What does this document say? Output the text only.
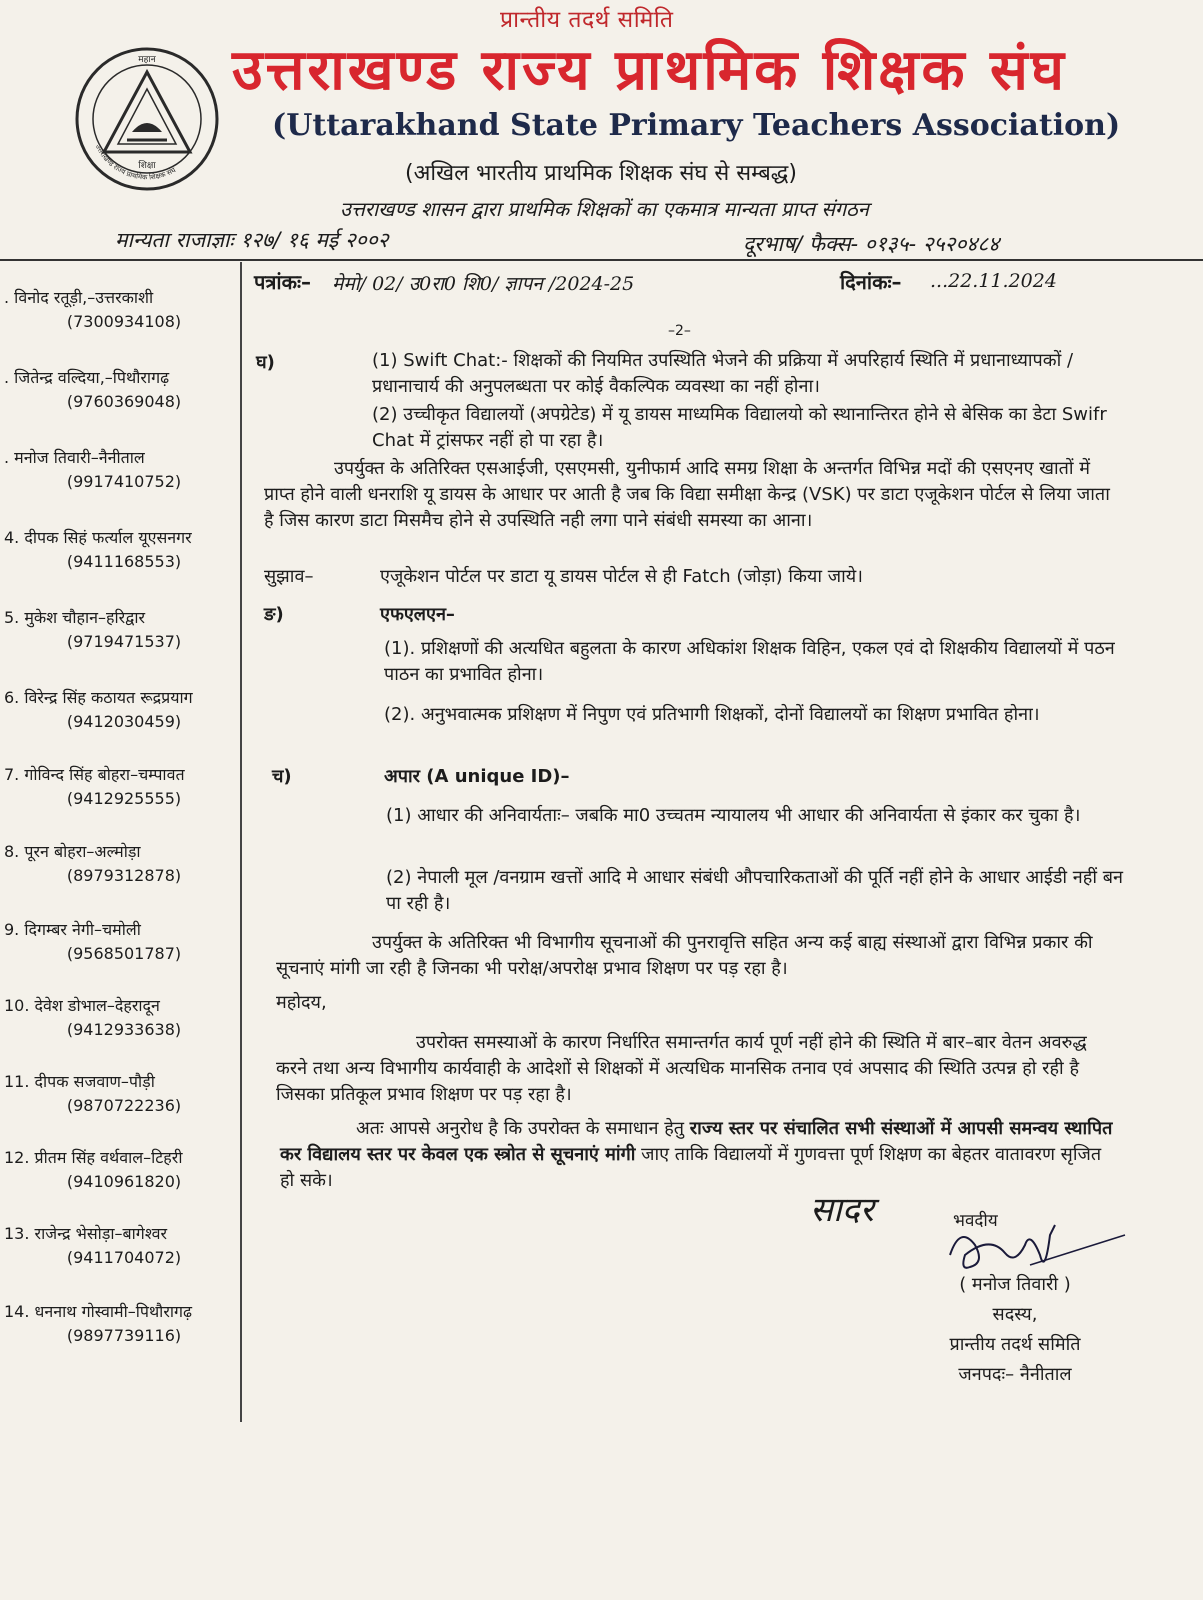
प्रान्तीय तदर्थ समिति
उत्तराखण्ड राज्य प्राथमिक शिक्षक संघ
(Uttarakhand State Primary Teachers Association)
(अखिल भारतीय प्राथमिक शिक्षक संघ से सम्बद्ध)
उत्तराखण्ड शासन द्वारा प्राथमिक शिक्षकों का एकमात्र मान्यता प्राप्त संगठन
मान्यता राजाज्ञाः १२७/ १६ मई २००२	दूरभाष/ फैक्स- ०१३५- २५२०४८४
महान
शिक्षा
उत्तराखण्ड राज्य प्राथमिक शिक्षक संघ
. विनोद रतूड़ी,–उत्तरकाशी
(7300934108)
. जितेन्द्र वल्दिया,–पिथौरागढ़
(9760369048)
. मनोज तिवारी–नैनीताल
(9917410752)
4. दीपक सिहं फर्त्याल यूएसनगर
(9411168553)
5. मुकेश चौहान–हरिद्वार
(9719471537)
6. विरेन्द्र सिंह कठायत रूद्रप्रयाग
(9412030459)
7. गोविन्द सिंह बोहरा–चम्पावत
(9412925555)
8. पूरन बोहरा–अल्मोड़ा
(8979312878)
9. दिगम्बर नेगी–चमोली
(9568501787)
10. देवेश डोभाल–देहरादून
(9412933638)
11. दीपक सजवाण–पौड़ी
(9870722236)
12. प्रीतम सिंह वर्थवाल–टिहरी
(9410961820)
13. राजेन्द्र भेसोड़ा–बागेश्वर
(9411704072)
14. धननाथ गोस्वामी–पिथौरागढ़
(9897739116)
पत्रांकः– मेमो/ 02/ उ0रा0 शि0/ ज्ञापन /2024-25	दिनांकः– ...22.11.2024
–2–
घ)	(1) Swift Chat:- शिक्षकों की नियमित उपस्थिति भेजने की प्रक्रिया में अपरिहार्य स्थिति में प्रधानाध्यापकों / प्रधानाचार्य की अनुपलब्धता पर कोई वैकल्पिक व्यवस्था का नहीं होना।
(2) उच्चीकृत विद्यालयों (अपग्रेटेड) में यू डायस माध्यमिक विद्यालयो को स्थानान्तिरत होने से बेसिक का डेटा Swifr Chat में ट्रांसफर नहीं हो पा रहा है।
उपर्युक्त के अतिरिक्त एसआईजी, एसएमसी, युनीफार्म आदि समग्र शिक्षा के अन्तर्गत विभिन्न मदों की एसएनए खातों में प्राप्त होने वाली धनराशि यू डायस के आधार पर आती है जब कि विद्या समीक्षा केन्द्र (VSK) पर डाटा एजूकेशन पोर्टल से लिया जाता है जिस कारण डाटा मिसमैच होने से उपस्थिति नही लगा पाने संबंधी समस्या का आना।
सुझाव–	एजूकेशन पोर्टल पर डाटा यू डायस पोर्टल से ही Fatch (जोड़ा) किया जाये।
ङ)	एफएलएन–
(1). प्रशिक्षणों की अत्यधित बहुलता के कारण अधिकांश शिक्षक विहिन, एकल एवं दो शिक्षकीय विद्यालयों में पठन पाठन का प्रभावित होना।
(2). अनुभवात्मक प्रशिक्षण में निपुण एवं प्रतिभागी शिक्षकों, दोनों विद्यालयों का शिक्षण प्रभावित होना।
च)	अपार (A unique ID)–
(1) आधार की अनिवार्यताः– जबकि मा0 उच्चतम न्यायालय भी आधार की अनिवार्यता से इंकार कर चुका है।
(2) नेपाली मूल /वनग्राम खत्तों आदि मे आधार संबंधी औपचारिकताओं की पूर्ति नहीं होने के आधार आईडी नहीं बन पा रही है।
उपर्युक्त के अतिरिक्त भी विभागीय सूचनाओं की पुनरावृत्ति सहित अन्य कई बाह्य संस्थाओं द्वारा विभिन्न प्रकार की सूचनाएं मांगी जा रही है जिनका भी परोक्ष/अपरोक्ष प्रभाव शिक्षण पर पड़ रहा है।
महोदय,
उपरोक्त समस्याओं के कारण निर्धारित समान्तर्गत कार्य पूर्ण नहीं होने की स्थिति में बार–बार वेतन अवरुद्ध करने तथा अन्य विभागीय कार्यवाही के आदेशों से शिक्षकों में अत्यधिक मानसिक तनाव एवं अपसाद की स्थिति उत्पन्न हो रही है जिसका प्रतिकूल प्रभाव शिक्षण पर पड़ रहा है।
अतः आपसे अनुरोध है कि उपरोक्त के समाधान हेतु राज्य स्तर पर संचालित सभी संस्थाओं में आपसी समन्वय स्थापित कर विद्यालय स्तर पर केवल एक स्त्रोत से सूचनाएं मांगी जाए ताकि विद्यालयों में गुणवत्ता पूर्ण शिक्षण का बेहतर वातावरण सृजित हो सके।
सादर	भवदीय
( मनोज तिवारी )
सदस्य,
प्रान्तीय तदर्थ समिति
जनपदः– नैनीताल
